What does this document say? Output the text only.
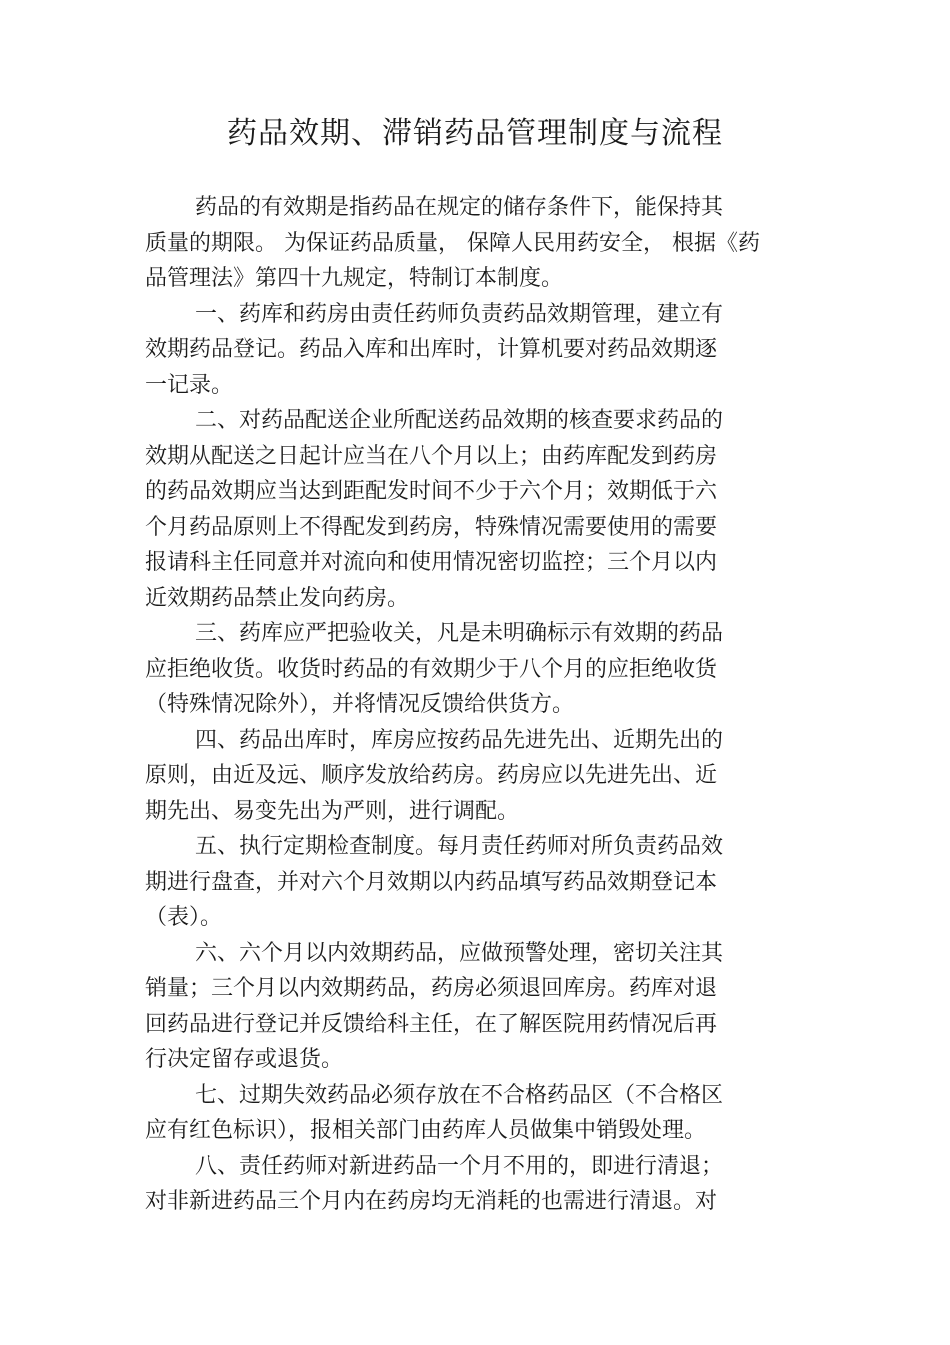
药品效期、滞销药品管理制度与流程

药品的有效期是指药品在规定的储存条件下，能保持其
质量的期限。 为保证药品质量， 保障人民用药安全， 根据《药
品管理法》第四十九规定，特制订本制度。

一、药库和药房由责任药师负责药品效期管理，建立有
效期药品登记。药品入库和出库时，计算机要对药品效期逐
一记录。

二、对药品配送企业所配送药品效期的核查要求药品的
效期从配送之日起计应当在八个月以上；由药库配发到药房
的药品效期应当达到距配发时间不少于六个月；效期低于六
个月药品原则上不得配发到药房，特殊情况需要使用的需要
报请科主任同意并对流向和使用情况密切监控；三个月以内
近效期药品禁止发向药房。

三、药库应严把验收关，凡是未明确标示有效期的药品
应拒绝收货。收货时药品的有效期少于八个月的应拒绝收货
（特殊情况除外），并将情况反馈给供货方。

四、药品出库时，库房应按药品先进先出、近期先出的
原则，由近及远、顺序发放给药房。药房应以先进先出、近
期先出、易变先出为严则，进行调配。

五、执行定期检查制度。每月责任药师对所负责药品效
期进行盘查，并对六个月效期以内药品填写药品效期登记本
（表）。

六、六个月以内效期药品，应做预警处理，密切关注其
销量；三个月以内效期药品，药房必须退回库房。药库对退
回药品进行登记并反馈给科主任，在了解医院用药情况后再
行决定留存或退货。

七、过期失效药品必须存放在不合格药品区（不合格区
应有红色标识），报相关部门由药库人员做集中销毁处理。

八、责任药师对新进药品一个月不用的，即进行清退；
对非新进药品三个月内在药房均无消耗的也需进行清退。对
